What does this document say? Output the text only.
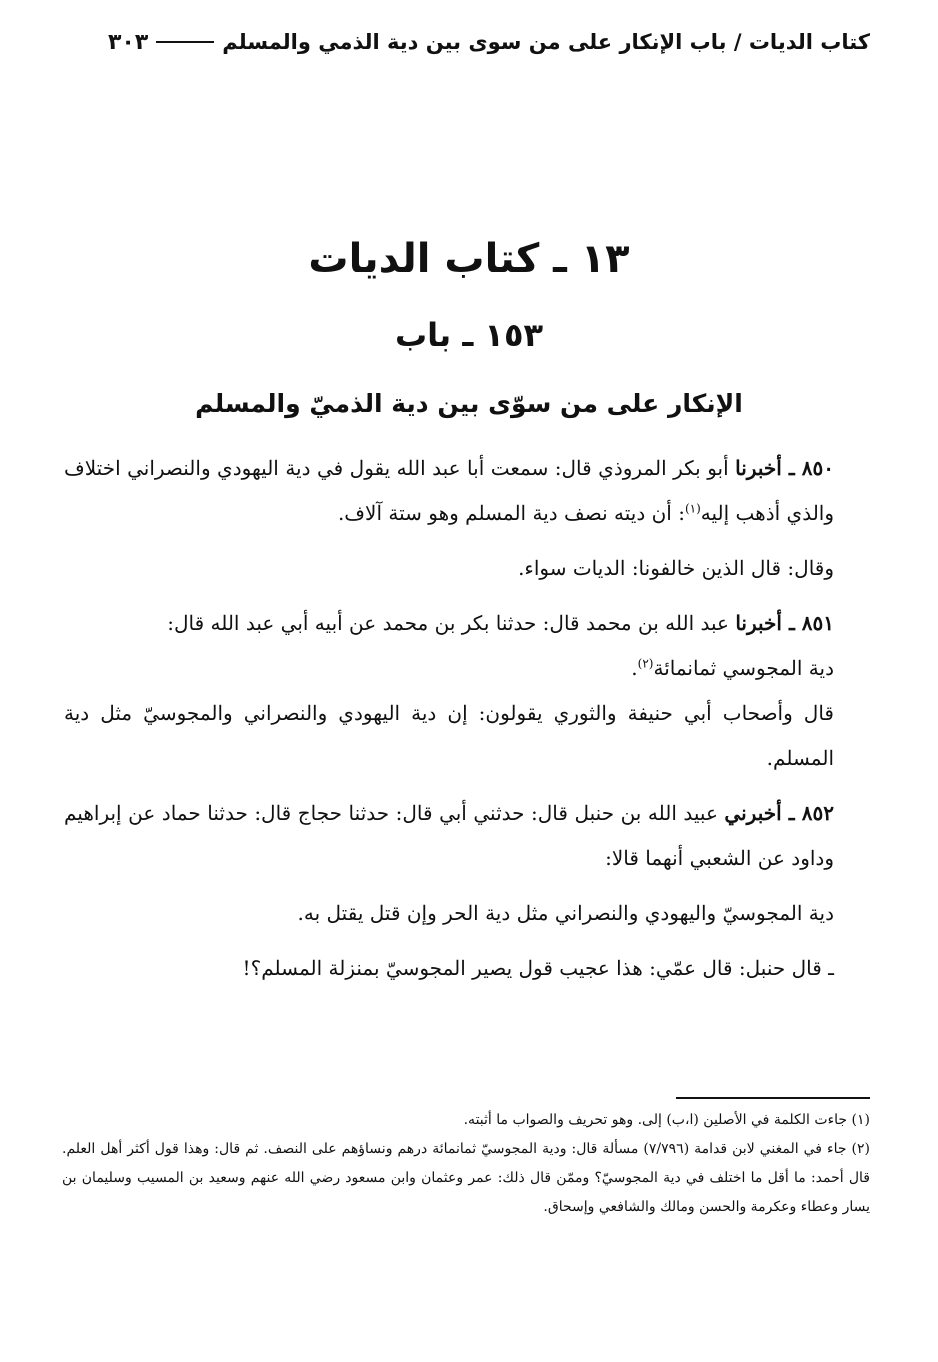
كتاب الديات / باب الإنكار على من سوى بين دية الذمي والمسلم
٣٠٣
١٣ ـ كتاب الديات
١٥٣ ـ باب
الإنكار على من سوّى بين دية الذميّ والمسلم

٨٥٠ ـ أخبرنا أبو بكر المروذي قال: سمعت أبا عبد الله يقول في دية اليهودي والنصراني اختلاف والذي أذهب إليه$^{(١)}$: أن ديته نصف دية المسلم وهو ستة آلاف.

وقال: قال الذين خالفونا: الديات سواء.

٨٥١ ـ أخبرنا عبد الله بن محمد قال: حدثنا بكر بن محمد عن أبيه أبي عبد الله قال:

دية المجوسي ثمانمائة$^{(٢)}$.

قال وأصحاب أبي حنيفة والثوري يقولون: إن دية اليهودي والنصراني والمجوسيّ مثل دية المسلم.

٨٥٢ ـ أخبرني عبيد الله بن حنبل قال: حدثني أبي قال: حدثنا حجاج قال: حدثنا حماد عن إبراهيم وداود عن الشعبي أنهما قالا:

دية المجوسيّ واليهودي والنصراني مثل دية الحر وإن قتل يقتل به.

ـ قال حنبل: قال عمّي: هذا عجيب قول يصير المجوسيّ بمنزلة المسلم؟!

(١) جاءت الكلمة في الأصلين (ا،ب) إلى. وهو تحريف والصواب ما أثبته.

(٢) جاء في المغني لابن قدامة (٧/٧٩٦) مسألة قال: ودية المجوسيّ ثمانمائة درهم ونساؤهم على النصف. ثم قال: وهذا قول أكثر أهل العلم. قال أحمد: ما أقل ما اختلف في دية المجوسيّ؟ وممّن قال ذلك: عمر وعثمان وابن مسعود رضي الله عنهم وسعيد بن المسيب وسليمان بن يسار وعطاء وعكرمة والحسن ومالك والشافعي وإسحاق.
